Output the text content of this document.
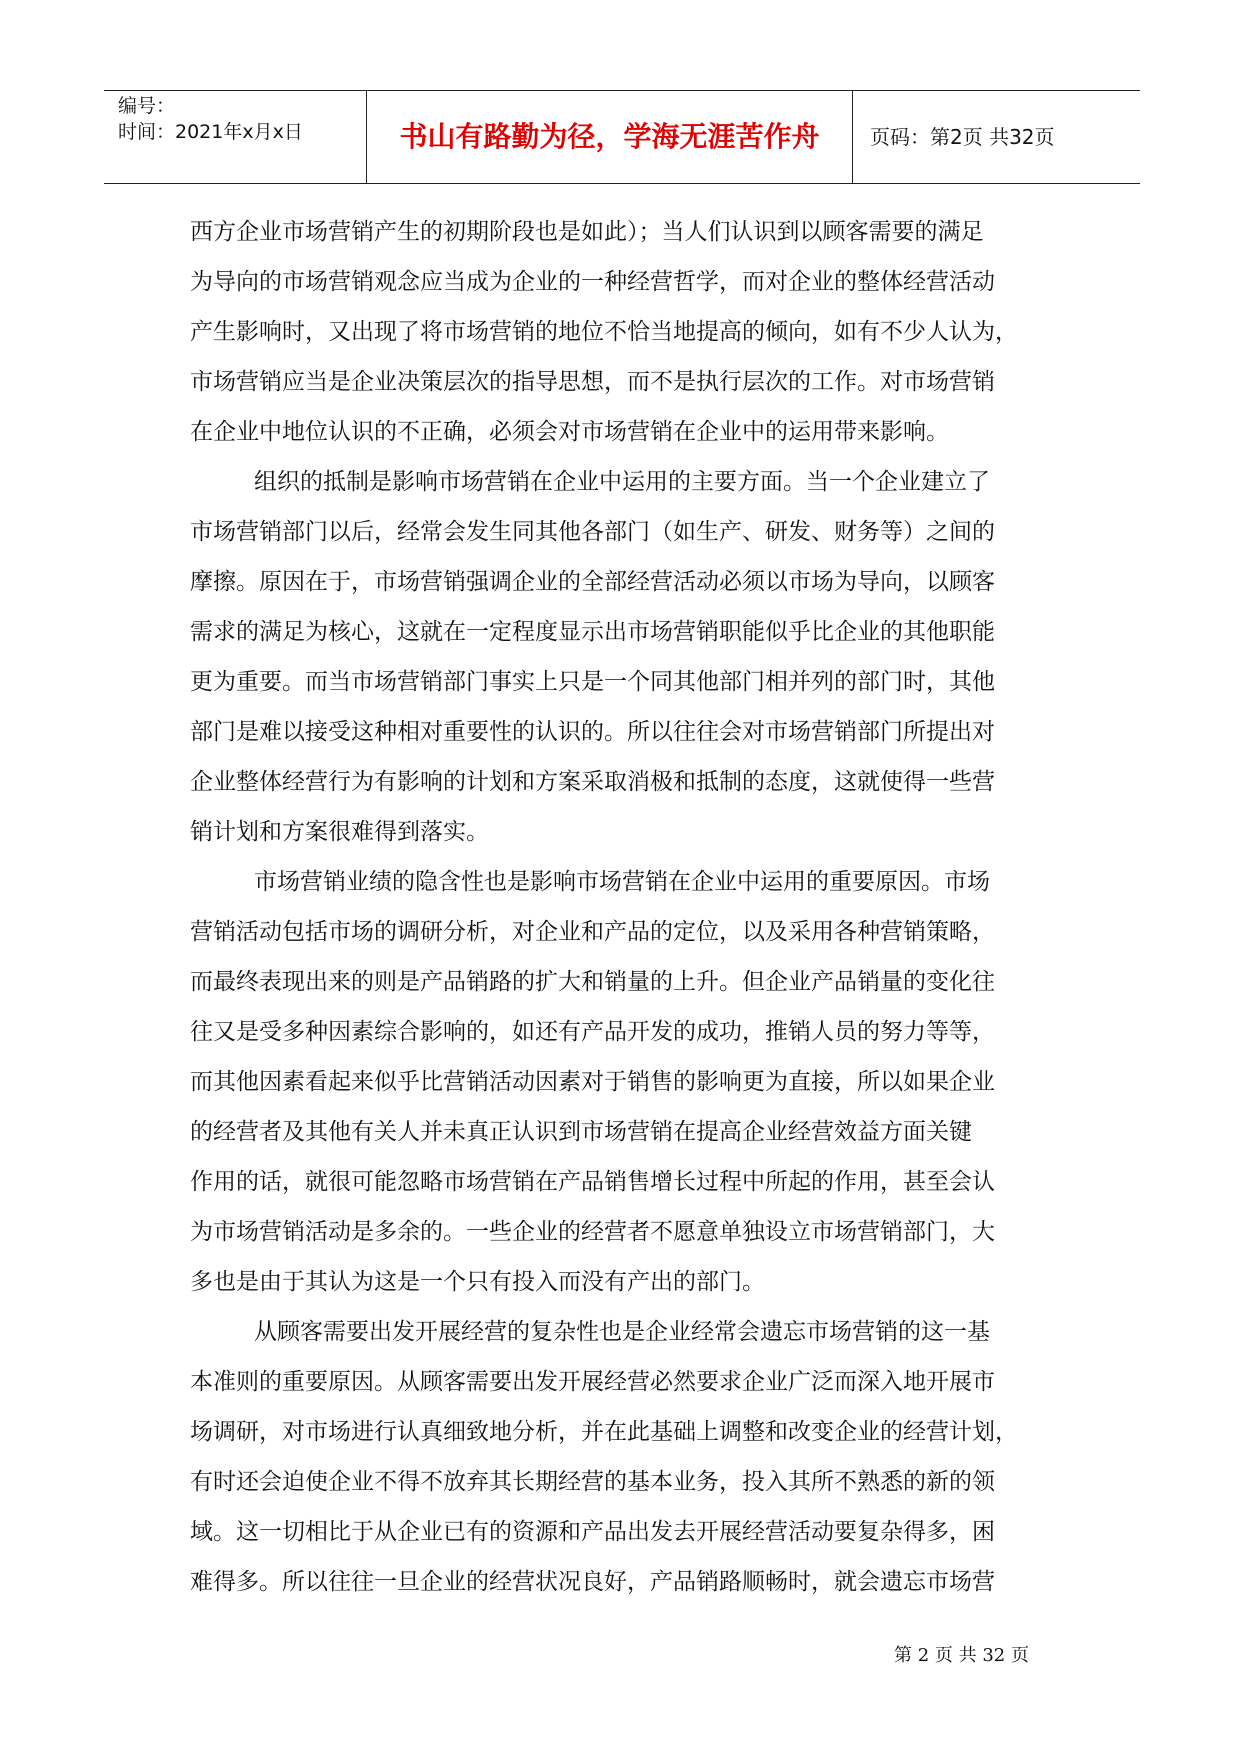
编号：
时间：2021年x月x日	书山有路勤为径，学海无涯苦作舟	页码：第2页 共32页
西方企业市场营销产生的初期阶段也是如此）；当人们认识到以顾客需要的满足
为导向的市场营销观念应当成为企业的一种经营哲学，而对企业的整体经营活动
产生影响时，又出现了将市场营销的地位不恰当地提高的倾向，如有不少人认为，
市场营销应当是企业决策层次的指导思想，而不是执行层次的工作。对市场营销
在企业中地位认识的不正确，必须会对市场营销在企业中的运用带来影响。
组织的抵制是影响市场营销在企业中运用的主要方面。当一个企业建立了
市场营销部门以后，经常会发生同其他各部门（如生产、研发、财务等）之间的
摩擦。原因在于，市场营销强调企业的全部经营活动必须以市场为导向，以顾客
需求的满足为核心，这就在一定程度显示出市场营销职能似乎比企业的其他职能
更为重要。而当市场营销部门事实上只是一个同其他部门相并列的部门时，其他
部门是难以接受这种相对重要性的认识的。所以往往会对市场营销部门所提出对
企业整体经营行为有影响的计划和方案采取消极和抵制的态度，这就使得一些营
销计划和方案很难得到落实。
市场营销业绩的隐含性也是影响市场营销在企业中运用的重要原因。市场
营销活动包括市场的调研分析，对企业和产品的定位，以及采用各种营销策略，
而最终表现出来的则是产品销路的扩大和销量的上升。但企业产品销量的变化往
往又是受多种因素综合影响的，如还有产品开发的成功，推销人员的努力等等，
而其他因素看起来似乎比营销活动因素对于销售的影响更为直接，所以如果企业
的经营者及其他有关人并未真正认识到市场营销在提高企业经营效益方面关键
作用的话，就很可能忽略市场营销在产品销售增长过程中所起的作用，甚至会认
为市场营销活动是多余的。一些企业的经营者不愿意单独设立市场营销部门，大
多也是由于其认为这是一个只有投入而没有产出的部门。
从顾客需要出发开展经营的复杂性也是企业经常会遗忘市场营销的这一基
本准则的重要原因。从顾客需要出发开展经营必然要求企业广泛而深入地开展市
场调研，对市场进行认真细致地分析，并在此基础上调整和改变企业的经营计划，
有时还会迫使企业不得不放弃其长期经营的基本业务，投入其所不熟悉的新的领
域。这一切相比于从企业已有的资源和产品出发去开展经营活动要复杂得多，困
难得多。所以往往一旦企业的经营状况良好，产品销路顺畅时，就会遗忘市场营
第 2 页 共 32 页
